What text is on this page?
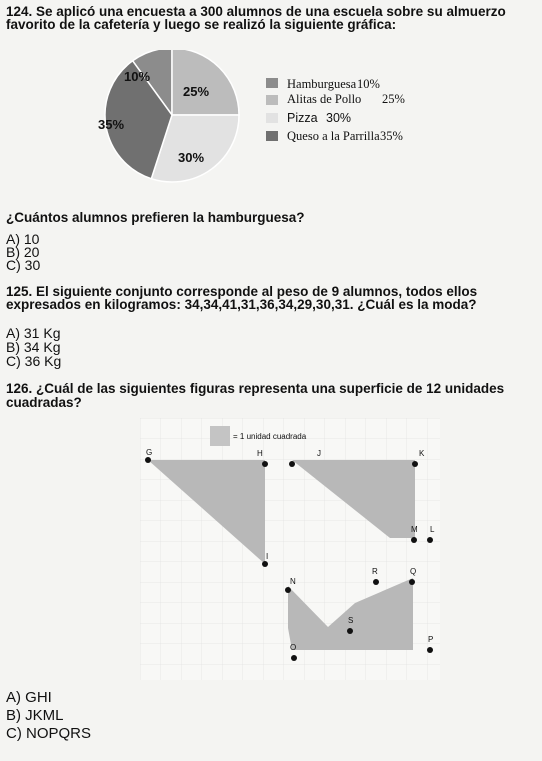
124. Se aplicó una encuesta a 300 alumnos de una escuela sobre su almuerzo
favorito de la cafetería y luego se realizó la siguiente gráfica:
10%
25%
30%
35%
Hamburguesa 10%
Alitas de Pollo 25%
Pizza 30%
Queso a la Parrilla 35%
¿Cuántos alumnos prefieren la hamburguesa?
A) 10
B) 20
C) 30
125. El siguiente conjunto corresponde al peso de 9 alumnos, todos ellos
expresados en kilogramos: 34,34,41,31,36,34,29,30,31. ¿Cuál es la moda?
A) 31 Kg
B) 34 Kg
C) 36 Kg
126. ¿Cuál de las siguientes figuras representa una superficie de 12 unidades
cuadradas?
= 1 unidad cuadrada
G	H
I
J	K
L
M
N
O
P
Q
R
S
A) GHI
B) JKML
C) NOPQRS
